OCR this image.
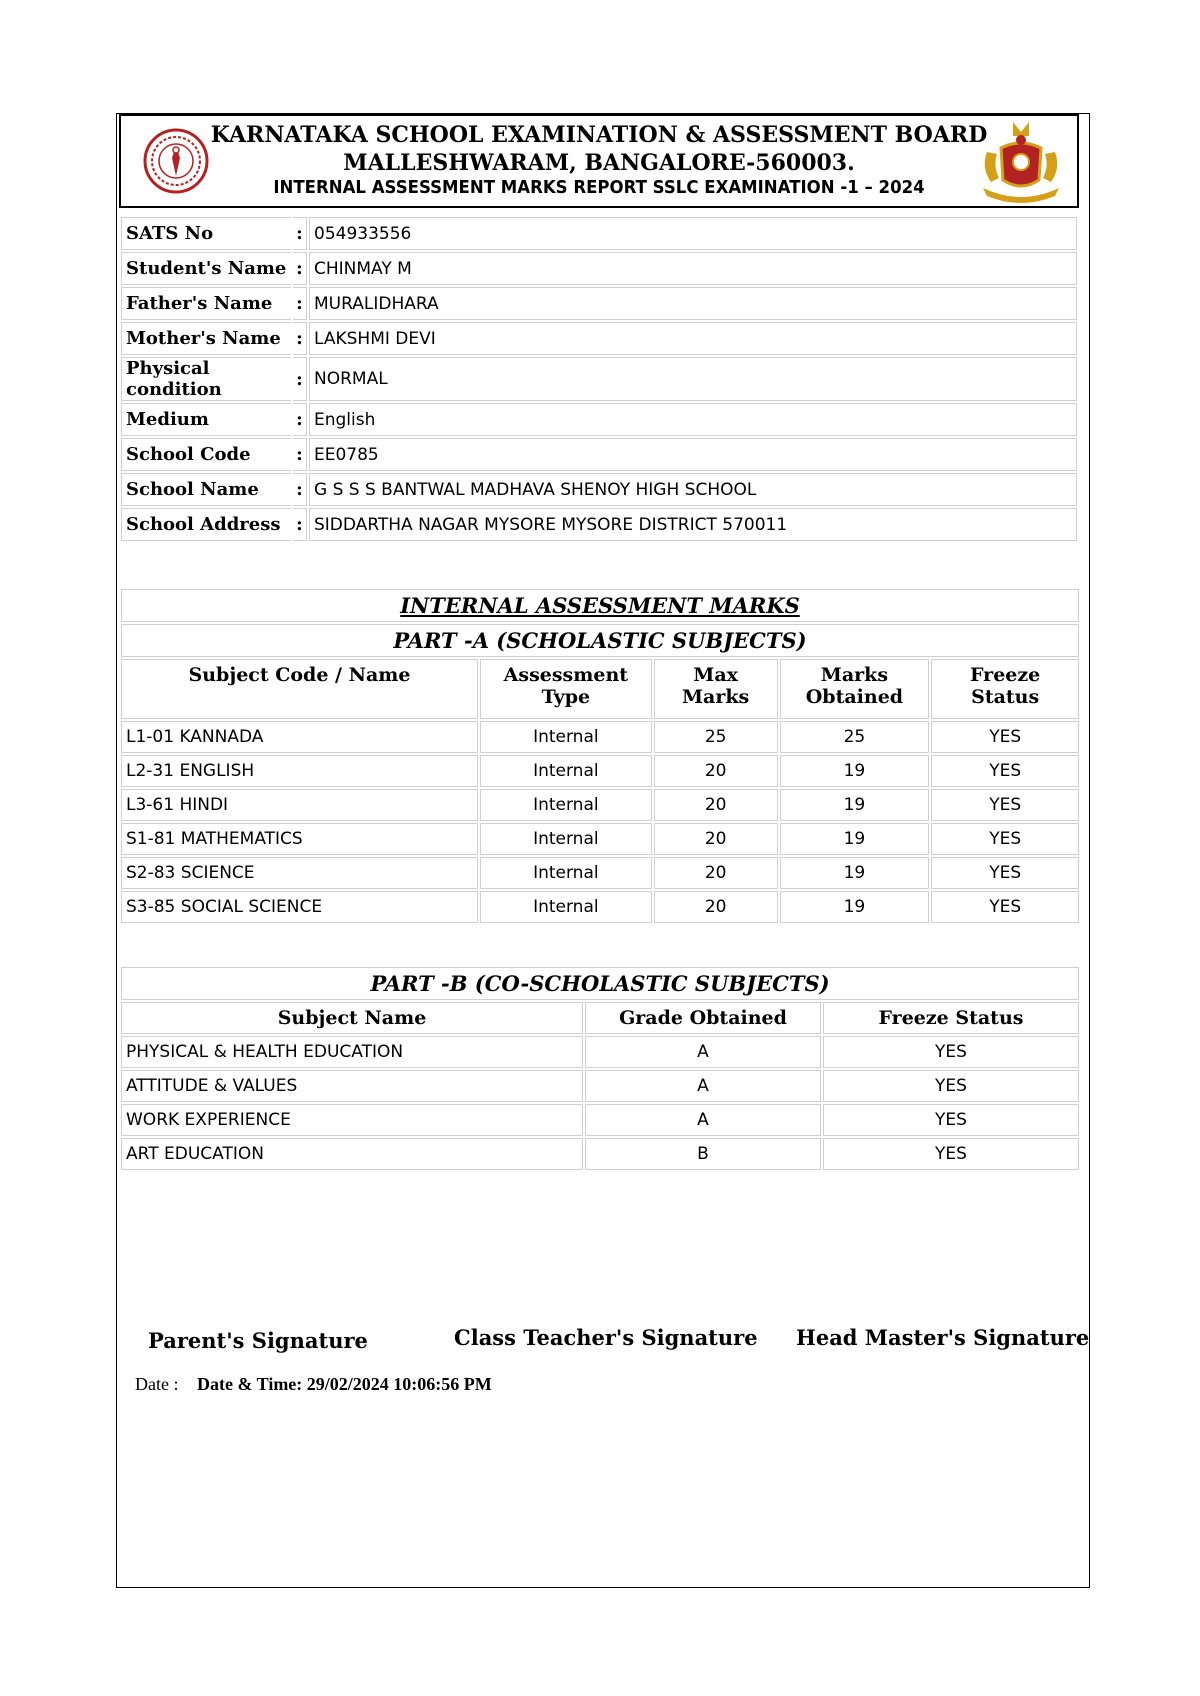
KARNATAKA SCHOOL EXAMINATION & ASSESSMENT BOARD
MALLESHWARAM, BANGALORE-560003.
INTERNAL ASSESSMENT MARKS REPORT SSLC EXAMINATION -1 – 2024
SATS No	:	054933556
Student's Name	:	CHINMAY M
Father's Name	:	MURALIDHARA
Mother's Name	:	LAKSHMI DEVI
Physical condition	:	NORMAL
Medium	:	English
School Code	:	EE0785
School Name	:	G S S S BANTWAL MADHAVA SHENOY HIGH SCHOOL
School Address	:	SIDDARTHA NAGAR MYSORE MYSORE DISTRICT 570011
INTERNAL ASSESSMENT MARKS				
PART -A (SCHOLASTIC SUBJECTS)				
Subject Code / Name	Assessment Type	Max Marks	Marks Obtained	Freeze Status
L1-01 KANNADA	Internal	25	25	YES
L2-31 ENGLISH	Internal	20	19	YES
L3-61 HINDI	Internal	20	19	YES
S1-81 MATHEMATICS	Internal	20	19	YES
S2-83 SCIENCE	Internal	20	19	YES
S3-85 SOCIAL SCIENCE	Internal	20	19	YES
PART -B (CO-SCHOLASTIC SUBJECTS)		
Subject Name	Grade Obtained	Freeze Status
PHYSICAL & HEALTH EDUCATION	A	YES
ATTITUDE & VALUES	A	YES
WORK EXPERIENCE	A	YES
ART EDUCATION	B	YES
Parent's Signature	Class Teacher's Signature Head Master's Signature
Date : Date & Time: 29/02/2024 10:06:56 PM
